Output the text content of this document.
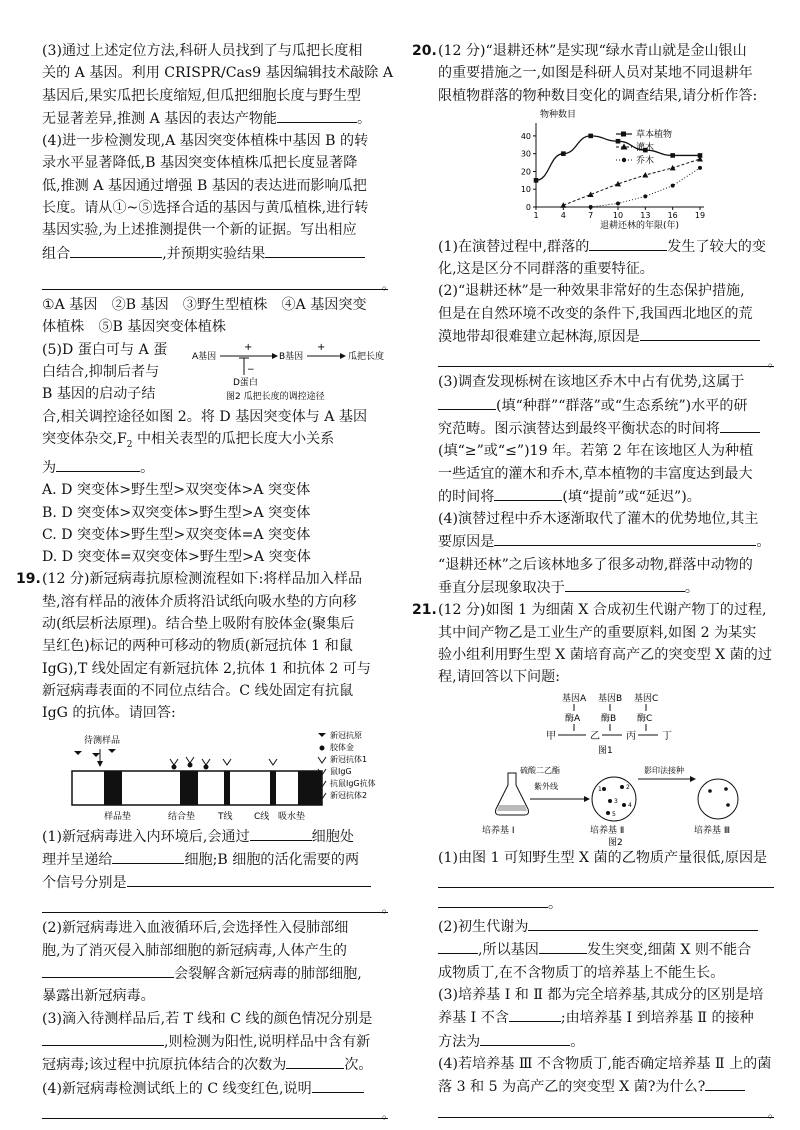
(3)通过上述定位方法,科研人员找到了与瓜把长度相

关的 A 基因。利用 CRISPR/Cas9 基因编辑技术敲除 A

基因后,果实瓜把长度缩短,但瓜把细胞长度与野生型

无显著差异,推测 A 基因的表达产物能	。

(4)进一步检测发现,A 基因突变体植株中基因 B 的转

录水平显著降低,B 基因突变体植株瓜把长度显著降

低,推测 A 基因通过增强 B 基因的表达进而影响瓜把

长度。请从①~⑤选择合适的基因与黄瓜植株,进行转

基因实验,为上述推测提供一个新的证据。写出相应

组合	,并预期实验结果

。

①A 基因　②B 基因　③野生型植株　④A 基因突变

体植株　⑤B 基因突变体植株

(5)D 蛋白可与 A 蛋

白结合,抑制后者与

B 基因的启动子结

A基因
+
B基因
+
瓜把长度
−
D蛋白
图2 瓜把长度的调控途径

合,相关调控途径如图 2。将 D 基因突变体与 A 基因

突变体杂交$,F_2$ 中相关表型的瓜把长度大小关系

为	。

A. D 突变体>野生型>双突变体>A 突变体

B. D 突变体>双突变体>野生型>A 突变体

C. D 突变体>野生型>双突变体=A 突变体

D. D 突变体=双突变体>野生型>A 突变体

19.(12 分)新冠病毒抗原检测流程如下:将样品加入样品

垫,溶有样品的液体介质将沿试纸向吸水垫的方向移

动(纸层析法原理)。结合垫上吸附有胶体金(聚集后

呈红色)标记的两种可移动的物质(新冠抗体 1 和鼠

IgG),T 线处固定有新冠抗体 2,抗体 1 和抗体 2 可与

新冠病毒表面的不同位点结合。C 线处固定有抗鼠

IgG 的抗体。请回答:

待测样品
样品垫	结合垫	T线 C线 吸水垫
新冠抗原
胶体金
新冠抗体1
鼠IgG
抗鼠IgG抗体
新冠抗体2

(1)新冠病毒进入内环境后,会通过	细胞处

理并呈递给	细胞;B 细胞的活化需要的两

个信号分别是

。

(2)新冠病毒进入血液循环后,会选择性入侵肺部细

胞,为了消灭侵入肺部细胞的新冠病毒,人体产生的

会裂解含新冠病毒的肺部细胞,

暴露出新冠病毒。

(3)滴入待测样品后,若 T 线和 C 线的颜色情况分别是

,则检测为阳性,说明样品中含有新

冠病毒;该过程中抗原抗体结合的次数为	次。

(4)新冠病毒检测试纸上的 C 线变红色,说明

。

20.(12 分)“退耕还林”是实现“绿水青山就是金山银山

的重要措施之一,如图是科研人员对某地不同退耕年

限植物群落的物种数目变化的调查结果,请分析作答:

物种数目
0
10
20
30
40
1	4	7 10 13 16 19
草本植物
灌木
乔木
退耕还林的年限(年)

(1)在演替过程中,群落的	发生了较大的变

化,这是区分不同群落的重要特征。

(2)“退耕还林”是一种效果非常好的生态保护措施,

但是在自然环境不改变的条件下,我国西北地区的荒

漠地带却很难建立起林海,原因是

。

(3)调查发现栎树在该地区乔木中占有优势,这属于

(填“种群”“群落”或“生态系统”)水平的研

究范畴。图示演替达到最终平衡状态的时间将

(填“≥”或“≤”)19 年。若第 2 年在该地区人为种植

一些适宜的灌木和乔木,草本植物的丰富度达到最大

的时间将	(填“提前”或“延迟”)。

(4)演替过程中乔木逐渐取代了灌木的优势地位,其主

要原因是	。

“退耕还林”之后该林地多了很多动物,群落中动物的

垂直分层现象取决于	。

21.(12 分)如图 1 为细菌 X 合成初生代谢产物丁的过程,

其中间产物乙是工业生产的重要原料,如图 2 为某实

验小组利用野生型 X 菌培育高产乙的突变型 X 菌的过

程,请回答以下问题:

基因A 基因B 基因C
酶A 酶B 酶C
甲	乙	丙	丁
图1
硫酸二乙酯
紫外线	1	2
3
4
5
影印法接种
培养基 Ⅰ	培养基 Ⅱ	培养基 Ⅲ
图2

(1)由图 1 可知野生型 X 菌的乙物质产量很低,原因是

。

(2)初生代谢为

,所以基因	发生突变,细菌 X 则不能合

成物质丁,在不含物质丁的培养基上不能生长。

(3)培养基 Ⅰ 和 Ⅱ 都为完全培养基,其成分的区别是培

养基 Ⅰ 不含	;由培养基 Ⅰ 到培养基 Ⅱ 的接种

方法为	。

(4)若培养基 Ⅲ 不含物质丁,能否确定培养基 Ⅱ 上的菌

落 3 和 5 为高产乙的突变型 X 菌?为什么?

。
